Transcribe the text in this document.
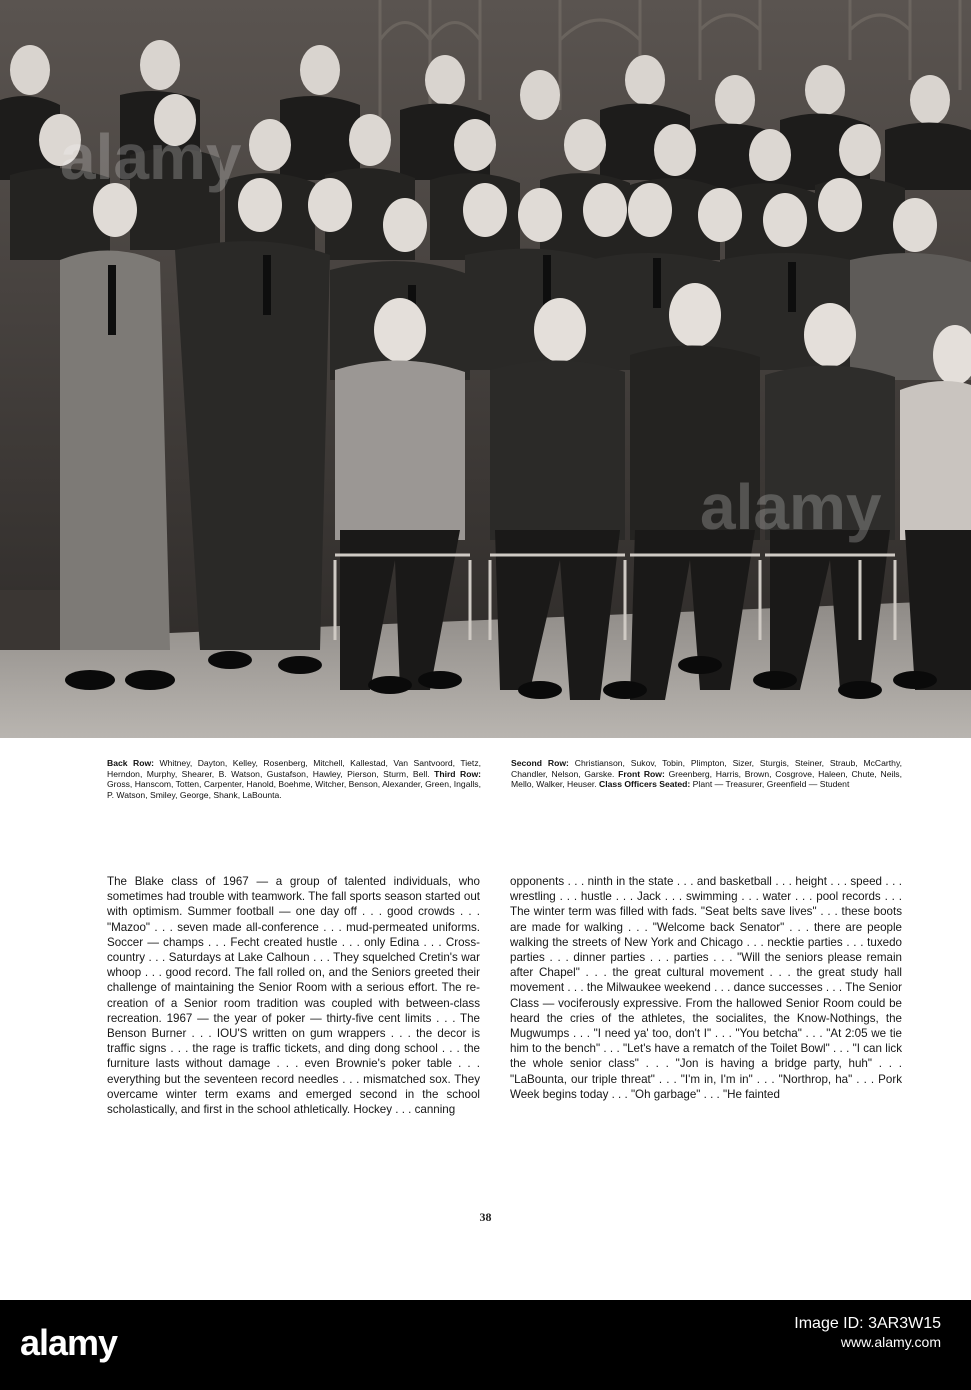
Back Row: Whitney, Dayton, Kelley, Rosenberg, Mitchell, Kallestad, Van Santvoord, Tietz, Herndon, Murphy, Shearer, B. Watson, Gustafson, Hawley, Pierson, Sturm, Bell. Third Row: Gross, Hanscom, Totten, Carpenter, Hanold, Boehme, Witcher, Benson, Alexander, Green, Ingalls, P. Watson, Smiley, George, Shank, LaBounta.
Second Row: Christianson, Sukov, Tobin, Plimpton, Sizer, Sturgis, Steiner, Straub, McCarthy, Chandler, Nelson, Garske. Front Row: Greenberg, Harris, Brown, Cosgrove, Haleen, Chute, Neils, Mello, Walker, Heuser. Class Officers Seated: Plant — Treasurer, Greenfield — Student
The Blake class of 1967 — a group of talented individuals, who sometimes had trouble with teamwork. The fall sports season started out with optimism. Summer football — one day off . . . good crowds . . . "Mazoo" . . . seven made all-conference . . . mud-permeated uniforms. Soccer — champs . . . Fecht created hustle . . . only Edina . . . Cross-country . . . Saturdays at Lake Calhoun . . . They squelched Cretin's war whoop . . . good record. The fall rolled on, and the Seniors greeted their challenge of maintaining the Senior Room with a serious effort. The re-creation of a Senior room tradition was coupled with between-class recreation. 1967 — the year of poker — thirty-five cent limits . . . The Benson Burner . . . IOU'S written on gum wrappers . . . the decor is traffic signs . . . the rage is traffic tickets, and ding dong school . . . the furniture lasts without damage . . . even Brownie's poker table . . . everything but the seventeen record needles . . . mismatched sox. They overcame winter term exams and emerged second in the school scholastically, and first in the school athletically. Hockey . . . canning
opponents . . . ninth in the state . . . and basketball . . . height . . . speed . . . wrestling . . . hustle . . . Jack . . . swimming . . . water . . . pool records . . . The winter term was filled with fads. "Seat belts save lives" . . . these boots are made for walking . . . "Welcome back Senator" . . . there are people walking the streets of New York and Chicago . . . necktie parties . . . tuxedo parties . . . dinner parties . . . parties . . . "Will the seniors please remain after Chapel" . . . the great cultural movement . . . the great study hall movement . . . the Milwaukee weekend . . . dance successes . . . The Senior Class — vociferously expressive. From the hallowed Senior Room could be heard the cries of the athletes, the socialites, the Know-Nothings, the Mugwumps . . . "I need ya' too, don't I" . . . "You betcha" . . . "At 2:05 we tie him to the bench" . . . "Let's have a rematch of the Toilet Bowl" . . . "I can lick the whole senior class" . . . "Jon is having a bridge party, huh" . . . "LaBounta, our triple threat" . . . "I'm in, I'm in" . . . "Northrop, ha" . . . Pork Week begins today . . . "Oh garbage" . . . "He fainted
38
alamy
alamy
alamy	Image ID: 3AR3W15
www.alamy.com
